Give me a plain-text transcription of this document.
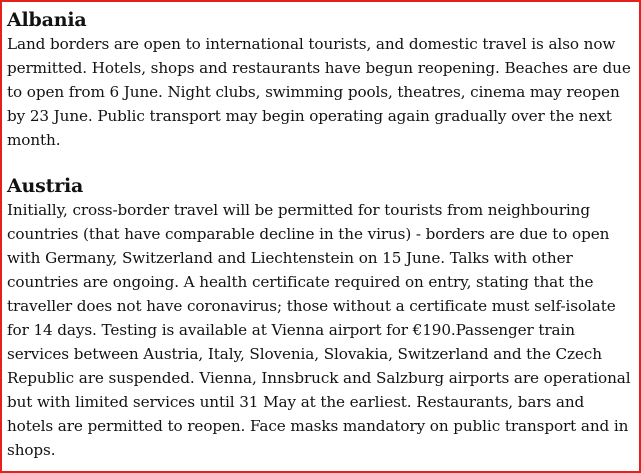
Albania

Land borders are open to international tourists, and domestic travel is also now permitted. Hotels, shops and restaurants have begun reopening. Beaches are due to open from 6 June. Night clubs, swimming pools, theatres, cinema may reopen by 23 June. Public transport may begin operating again gradually over the next month.

Austria

Initially, cross-border travel will be permitted for tourists from neighbouring countries (that have comparable decline in the virus) - borders are due to open with Germany, Switzerland and Liechtenstein on 15 June. Talks with other countries are ongoing. A health certificate required on entry, stating that the traveller does not have coronavirus; those without a certificate must self-isolate for 14 days. Testing is available at Vienna airport for €190.Passenger train services between Austria, Italy, Slovenia, Slovakia, Switzerland and the Czech Republic are suspended. Vienna, Innsbruck and Salzburg airports are operational but with limited services until 31 May at the earliest. Restaurants, bars and hotels are permitted to reopen. Face masks mandatory on public transport and in shops.
